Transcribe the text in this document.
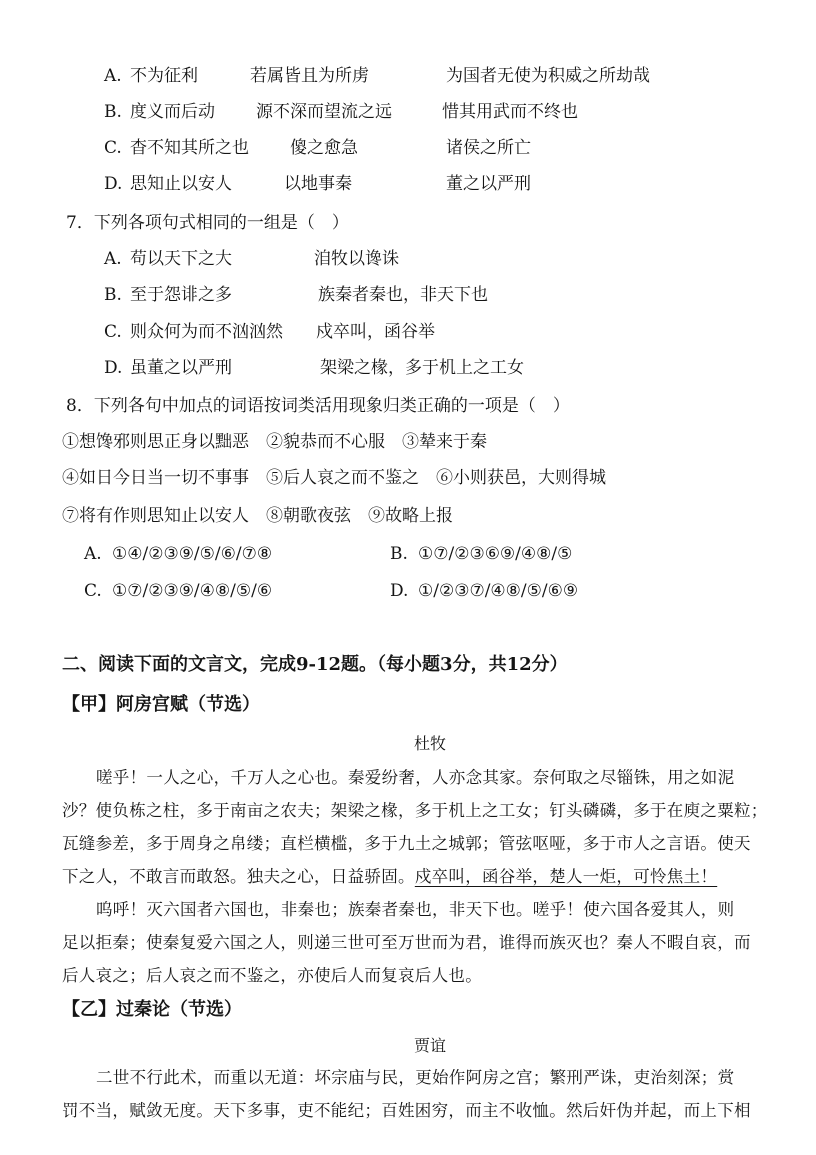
A. 不为征利	若属皆且为所虏	为国者无使为积威之所劫哉
B. 度义而后动 源不深而望流之远	惜其用武而不终也
C. 杳不知其所之也 傻之愈急	诸侯之所亡
D. 思知止以安人	以地事秦	董之以严刑
7．下列各项句式相同的一组是（　）
A. 苟以天下之大	洎牧以谗诛
B. 至于怨诽之多	族秦者秦也，非天下也
C. 则众何为而不汹汹然 戍卒叫，函谷举
D. 虽董之以严刑	架梁之椽，多于机上之工女
8．下列各句中加点的词语按词类活用现象归类正确的一项是（　）
①想馋邪则思正身以黜恶　②貌恭而不心服　③辇来于秦
④如日今日当一切不事事　⑤后人哀之而不鉴之　⑥小则获邑，大则得城
⑦将有作则思知止以安人　⑧朝歌夜弦　⑨故略上报
A. ①④/②③⑨/⑤/⑥/⑦⑧	B. ①⑦/②③⑥⑨/④⑧/⑤
C. ①⑦/②③⑨/④⑧/⑤/⑥	D. ①/②③⑦/④⑧/⑤/⑥⑨
二、阅读下面的文言文，完成9-12题。（每小题3分，共12分）
【甲】阿房宫赋（节选）
杜牧
嗟乎！一人之心，千万人之心也。秦爱纷奢，人亦念其家。奈何取之尽锱铢，用之如泥
沙？使负栋之柱，多于南亩之农夫；架梁之椽，多于机上之工女；钉头磷磷，多于在庾之粟粒；
瓦缝参差，多于周身之帛缕；直栏横槛，多于九土之城郭；管弦呕哑，多于市人之言语。使天
下之人，不敢言而敢怒。独夫之心，日益骄固。戍卒叫，函谷举，楚人一炬，可怜焦土！
呜呼！灭六国者六国也，非秦也；族秦者秦也，非天下也。嗟乎！使六国各爱其人，则
足以拒秦；使秦复爱六国之人，则递三世可至万世而为君，谁得而族灭也？秦人不暇自哀，而
后人哀之；后人哀之而不鉴之，亦使后人而复哀后人也。
【乙】过秦论（节选）
贾谊
二世不行此术，而重以无道：坏宗庙与民，更始作阿房之宫；繁刑严诛，吏治刻深；赏
罚不当，赋敛无度。天下多事，吏不能纪；百姓困穷，而主不收恤。然后奸伪并起，而上下相
